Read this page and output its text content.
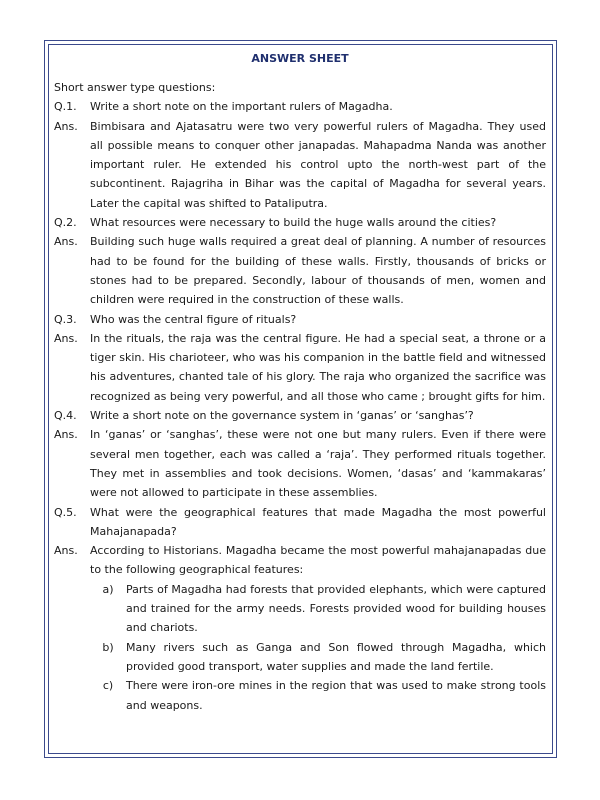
ANSWER SHEET

Short answer type questions:

Q.1.	Write a short note on the important rulers of Magadha.
Ans.	Bimbisara and Ajatasatru were two very powerful rulers of Magadha. They used all possible means to conquer other janapadas. Mahapadma Nanda was another important ruler. He extended his control upto the north-west part of the subcontinent. Rajagriha in Bihar was the capital of Magadha for several years. Later the capital was shifted to Pataliputra.
Q.2.	What resources were necessary to build the huge walls around the cities?
Ans.	Building such huge walls required a great deal of planning. A number of resources had to be found for the building of these walls. Firstly, thousands of bricks or stones had to be prepared. Secondly, labour of thousands of men, women and children were required in the construction of these walls.
Q.3.	Who was the central figure of rituals?
Ans.	In the rituals, the raja was the central figure. He had a special seat, a throne or a tiger skin. His charioteer, who was his companion in the battle field and witnessed his adventures, chanted tale of his glory. The raja who organized the sacrifice was recognized as being very powerful, and all those who came ; brought gifts for him.
Q.4.	Write a short note on the governance system in ‘ganas’ or ‘sanghas’?
Ans.	In ‘ganas’ or ‘sanghas’, these were not one but many rulers. Even if there were several men together, each was called a ‘raja’. They performed rituals together. They met in assemblies and took decisions. Women, ‘dasas’ and ‘kammakaras’ were not allowed to participate in these assemblies.
Q.5.	What were the geographical features that made Magadha the most powerful Mahajanapada?
Ans.	According to Historians. Magadha became the most powerful mahajanapadas due to the following geographical features:
a)	Parts of Magadha had forests that provided elephants, which were captured and trained for the army needs. Forests provided wood for building houses and chariots.
b)	Many rivers such as Ganga and Son flowed through Magadha, which provided good transport, water supplies and made the land fertile.
c)	There were iron-ore mines in the region that was used to make strong tools and weapons.
